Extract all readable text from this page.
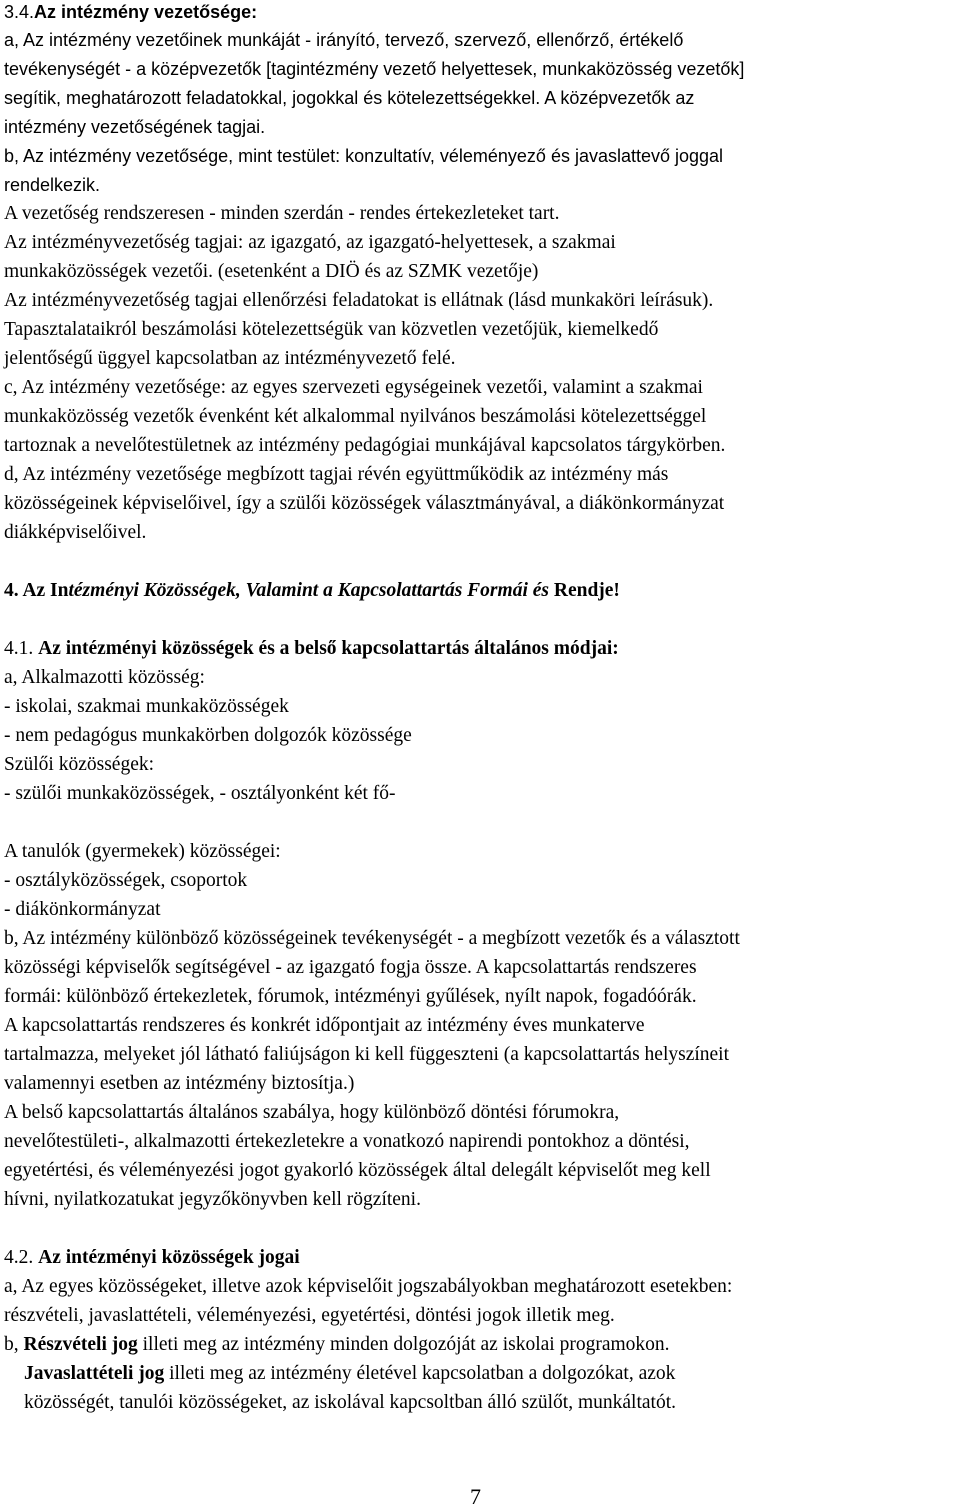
3.4.Az intézmény vezetősége:
a, Az intézmény vezetőinek munkáját - irányító, tervező, szervező, ellenőrző, értékelő
tevékenységét - a középvezetők [tagintézmény vezető helyettesek, munkaközösség vezetők]
segítik, meghatározott feladatokkal, jogokkal és kötelezettségekkel. A középvezetők az
intézmény vezetőségének tagjai.
b, Az intézmény vezetősége, mint testület: konzultatív, véleményező és javaslattevő joggal
rendelkezik.
A vezetőség rendszeresen - minden szerdán - rendes értekezleteket tart.
Az intézményvezetőség tagjai: az igazgató, az igazgató-helyettesek, a szakmai
munkaközösségek vezetői. (esetenként a DIÖ és az SZMK vezetője)
Az intézményvezetőség tagjai ellenőrzési feladatokat is ellátnak (lásd munkaköri leírásuk).
Tapasztalataikról beszámolási kötelezettségük van közvetlen vezetőjük, kiemelkedő
jelentőségű üggyel kapcsolatban az intézményvezető felé.
c, Az intézmény vezetősége: az egyes szervezeti egységeinek vezetői, valamint a szakmai
munkaközösség vezetők évenként két alkalommal nyilvános beszámolási kötelezettséggel
tartoznak a nevelőtestületnek az intézmény pedagógiai munkájával kapcsolatos tárgykörben.
d, Az intézmény vezetősége megbízott tagjai révén együttműködik az intézmény más
közösségeinek képviselőivel, így a szülői közösségek választmányával, a diákönkormányzat
diákképviselőivel.
4. Az Intézményi Közösségek, Valamint a Kapcsolattartás Formái és Rendje!
4.1. Az intézményi közösségek és a belső kapcsolattartás általános módjai:
a, Alkalmazotti közösség:
- iskolai, szakmai munkaközösségek
- nem pedagógus munkakörben dolgozók közössége
Szülői közösségek:
- szülői munkaközösségek, - osztályonként két fő-
A tanulók (gyermekek) közösségei:
- osztályközösségek, csoportok
- diákönkormányzat
b, Az intézmény különböző közösségeinek tevékenységét - a megbízott vezetők és a választott
közösségi képviselők segítségével - az igazgató fogja össze. A kapcsolattartás rendszeres
formái: különböző értekezletek, fórumok, intézményi gyűlések, nyílt napok, fogadóórák.
A kapcsolattartás rendszeres és konkrét időpontjait az intézmény éves munkaterve
tartalmazza, melyeket jól látható faliújságon ki kell függeszteni (a kapcsolattartás helyszíneit
valamennyi esetben az intézmény biztosítja.)
A belső kapcsolattartás általános szabálya, hogy különböző döntési fórumokra,
nevelőtestületi-, alkalmazotti értekezletekre a vonatkozó napirendi pontokhoz a döntési,
egyetértési, és véleményezési jogot gyakorló közösségek által delegált képviselőt meg kell
hívni, nyilatkozatukat jegyzőkönyvben kell rögzíteni.
4.2. Az intézményi közösségek jogai
a, Az egyes közösségeket, illetve azok képviselőit jogszabályokban meghatározott esetekben:
részvételi, javaslattételi, véleményezési, egyetértési, döntési jogok illetik meg.
b, Részvételi jog illeti meg az intézmény minden dolgozóját az iskolai programokon.
Javaslattételi jog illeti meg az intézmény életével kapcsolatban a dolgozókat, azok
közösségét, tanulói közösségeket, az iskolával kapcsoltban álló szülőt, munkáltatót.
7
